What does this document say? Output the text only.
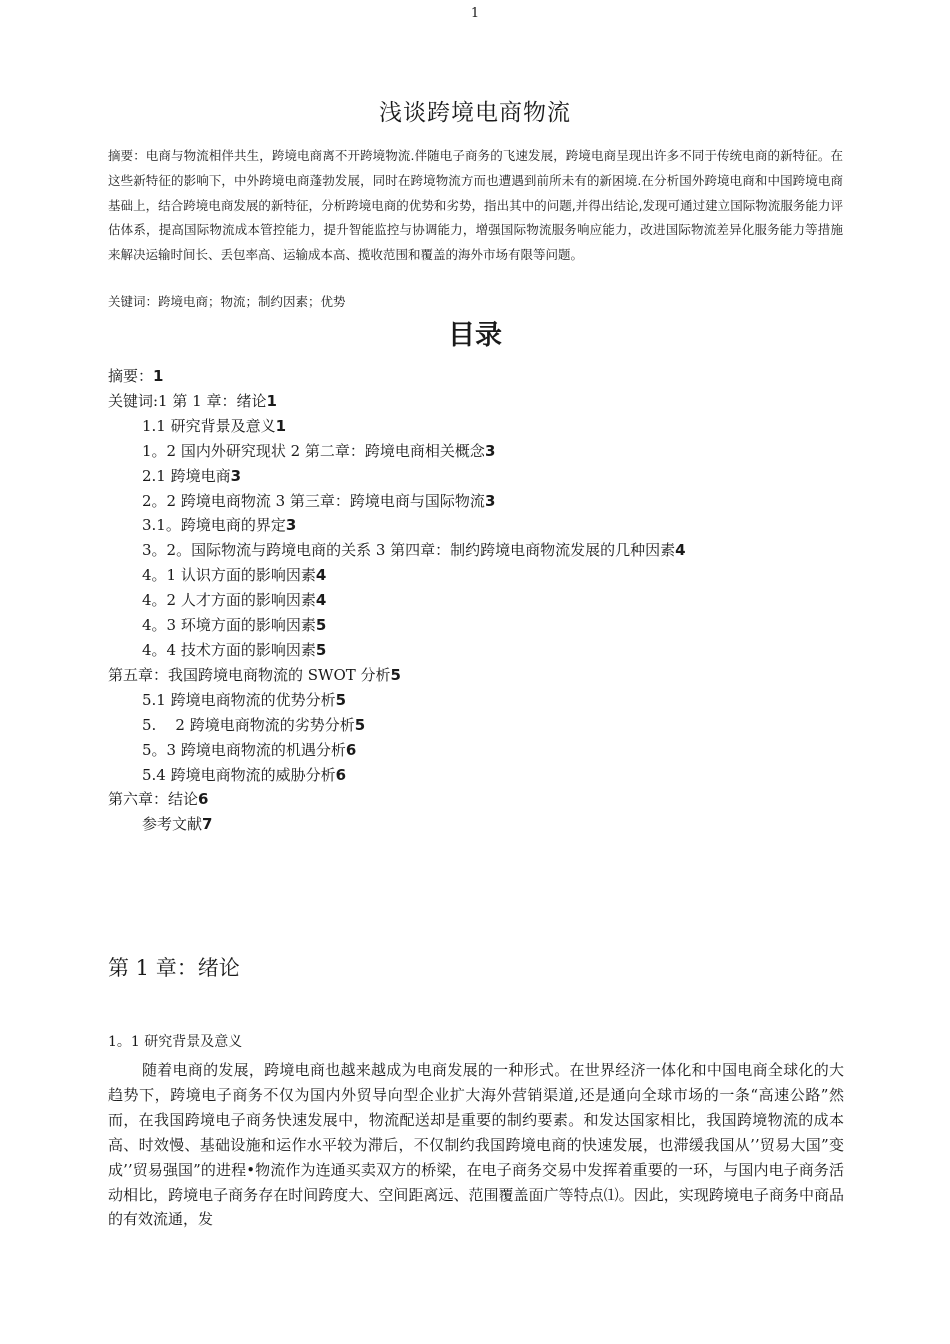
1
浅谈跨境电商物流
摘要：电商与物流相伴共生，跨境电商离不开跨境物流.伴随电子商务的飞速发展，跨境电商呈现出许多不同于传统电商的新特征。在这些新特征的影响下，中外跨境电商蓬勃发展，同时在跨境物流方而也遭遇到前所未有的新困境.在分析国外跨境电商和中国跨境电商基础上，结合跨境电商发展的新特征，分析跨境电商的优势和劣势，指出其中的问题,并得出结论,发现可通过建立国际物流服务能力评估体系，提高国际物流成本管控能力，提升智能监控与协调能力，增强国际物流服务响应能力，改进国际物流差异化服务能力等措施来解决运输时间长、丢包率高、运输成本高、揽收范围和覆盖的海外市场有限等问题。
关键词：跨境电商；物流；制约因素；优势
目录
摘要：1
关键词:1 第 1 章：绪论1
1.1 研究背景及意义1
1。2 国内外研究现状 2 第二章：跨境电商相关概念3
2.1 跨境电商3
2。2 跨境电商物流 3 第三章：跨境电商与国际物流3
3.1。跨境电商的界定3
3。2。国际物流与跨境电商的关系 3 第四章：制约跨境电商物流发展的几种因素4
4。1 认识方面的影响因素4
4。2 人才方面的影响因素4
4。3 环境方面的影响因素5
4。4 技术方面的影响因素5
第五章：我国跨境电商物流的 SWOT 分析5
5.1 跨境电商物流的优势分析5
5.    2 跨境电商物流的劣势分析5
5。3 跨境电商物流的机遇分析6
5.4 跨境电商物流的威胁分析6
第六章：结论6
参考文献7
第 1 章：绪论
1。1 研究背景及意义
随着电商的发展，跨境电商也越来越成为电商发展的一种形式。在世界经济一体化和中国电商全球化的大趋势下，跨境电子商务不仅为国内外贸导向型企业扩大海外营销渠道,还是通向全球市场的一条“高速公路”然而，在我国跨境电子商务快速发展中，物流配送却是重要的制约要素。和发达国家相比，我国跨境物流的成本高、时效慢、基础设施和运作水平较为滞后，不仅制约我国跨境电商的快速发展，也滞缓我国从’’贸易大国”变成’’贸易强国”的进程•物流作为连通买卖双方的桥梁，在电子商务交易中发挥着重要的一环，与国内电子商务活动相比，跨境电子商务存在时间跨度大、空间距离远、范围覆盖面广等特点⑴。因此，实现跨境电子商务中商品的有效流通，发
